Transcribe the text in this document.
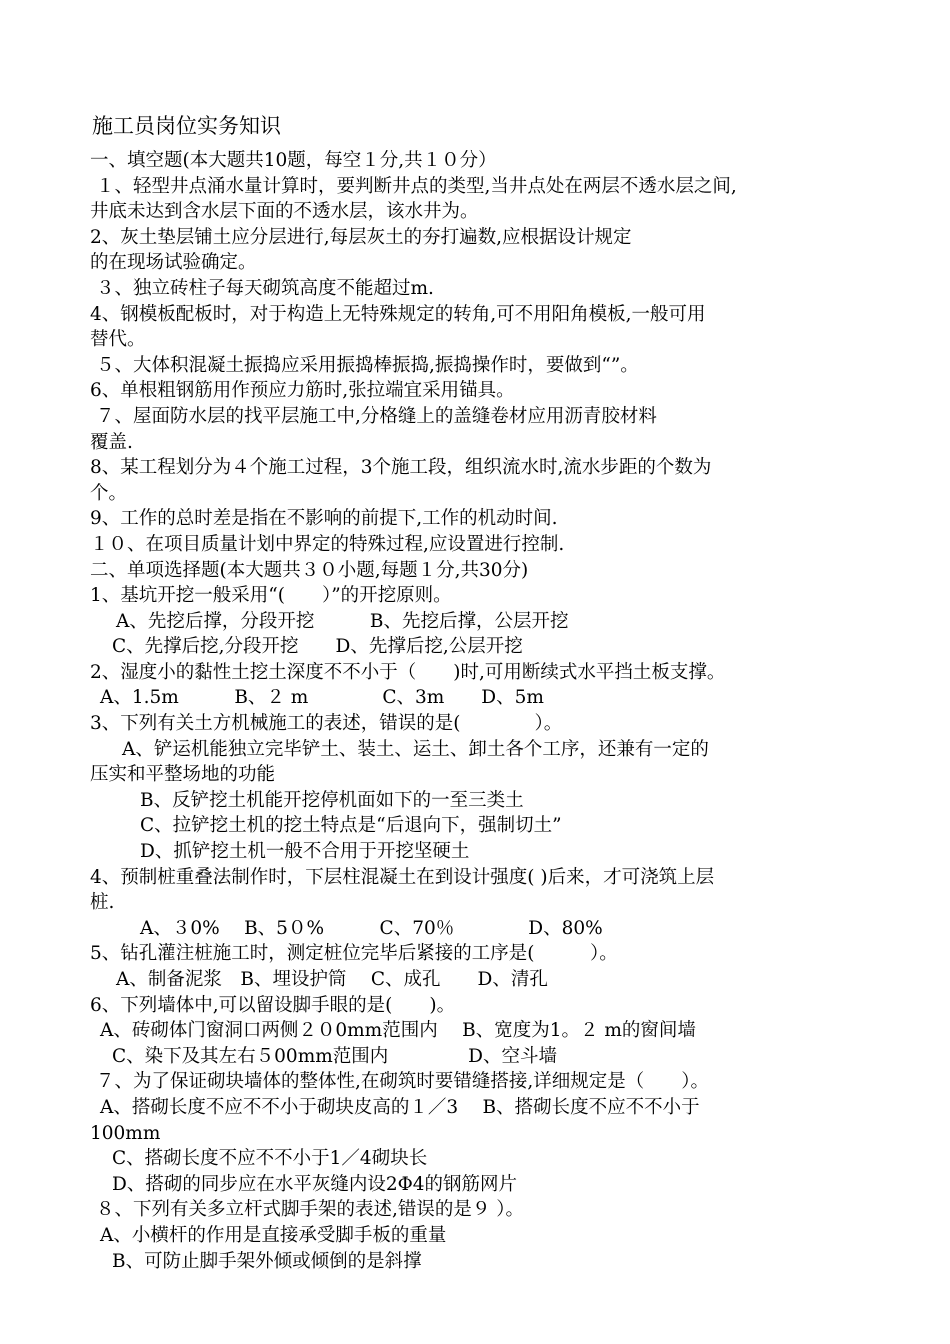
施工员岗位实务知识
一、填空题(本大题共10题，每空１分,共１０分）
１、轻型井点涌水量计算时，要判断井点的类型,当井点处在两层不透水层之间,
井底未达到含水层下面的不透水层，该水井为。
2、灰土垫层铺土应分层进行,每层灰土的夯打遍数,应根据设计规定
的在现场试验确定。
３、独立砖柱子每天砌筑高度不能超过m.
4、钢模板配板时，对于构造上无特殊规定的转角,可不用阳角模板,一般可用
替代。
５、大体积混凝土振捣应采用振捣棒振捣,振捣操作时，要做到“”。
6、单根粗钢筋用作预应力筋时,张拉端宜采用锚具。
７、屋面防水层的找平层施工中,分格缝上的盖缝卷材应用沥青胶材料
覆盖.
8、某工程划分为４个施工过程，3个施工段，组织流水时,流水步距的个数为
个。
9、工作的总时差是指在不影响的前提下,工作的机动时间.
１０、在项目质量计划中界定的特殊过程,应设置进行控制.
二、单项选择题(本大题共３０小题,每题１分,共30分)
1、基坑开挖一般采用“(　　）”的开挖原则。
A、先挖后撑，分段开挖　　　B、先挖后撑，公层开挖
C、先撑后挖,分段开挖　　D、先撑后挖,公层开挖
2、湿度小的黏性土挖土深度不不小于（　　)时,可用断续式水平挡土板支撑。
A、1.5m　　　B、２ m　　　　C、3m　　D、5m
3、下列有关土方机械施工的表述，错误的是(　　　　）。
A、铲运机能独立完毕铲土、装土、运土、卸土各个工序，还兼有一定的
压实和平整场地的功能
B、反铲挖土机能开挖停机面如下的一至三类土
C、拉铲挖土机的挖土特点是“后退向下，强制切土”
D、抓铲挖土机一般不合用于开挖坚硬土
4、预制桩重叠法制作时，下层柱混凝土在到设计强度( )后来，才可浇筑上层
桩.
A、３0%　 B、5０%　　　C、70％　　　　D、80%
5、钻孔灌注桩施工时，测定桩位完毕后紧接的工序是(　　　）。
A、制备泥浆　B、埋设护筒　 C、成孔　　D、清孔
6、下列墙体中,可以留设脚手眼的是(　　)。
A、砖砌体门窗洞口两侧２０0mm范围内　 B、宽度为1。２ m的窗间墙
C、染下及其左右５00mm范围内　　　　 D、空斗墙
７、为了保证砌块墙体的整体性,在砌筑时要错缝搭接,详细规定是（　　）。
A、搭砌长度不应不不小于砌块皮高的１／3　 B、搭砌长度不应不不小于
100mm
C、搭砌长度不应不不小于1／4砌块长
D、搭砌的同步应在水平灰缝内设2Φ4的钢筋网片
８、下列有关多立杆式脚手架的表述,错误的是９ ）。
A、小横杆的作用是直接承受脚手板的重量
B、可防止脚手架外倾或倾倒的是斜撑
